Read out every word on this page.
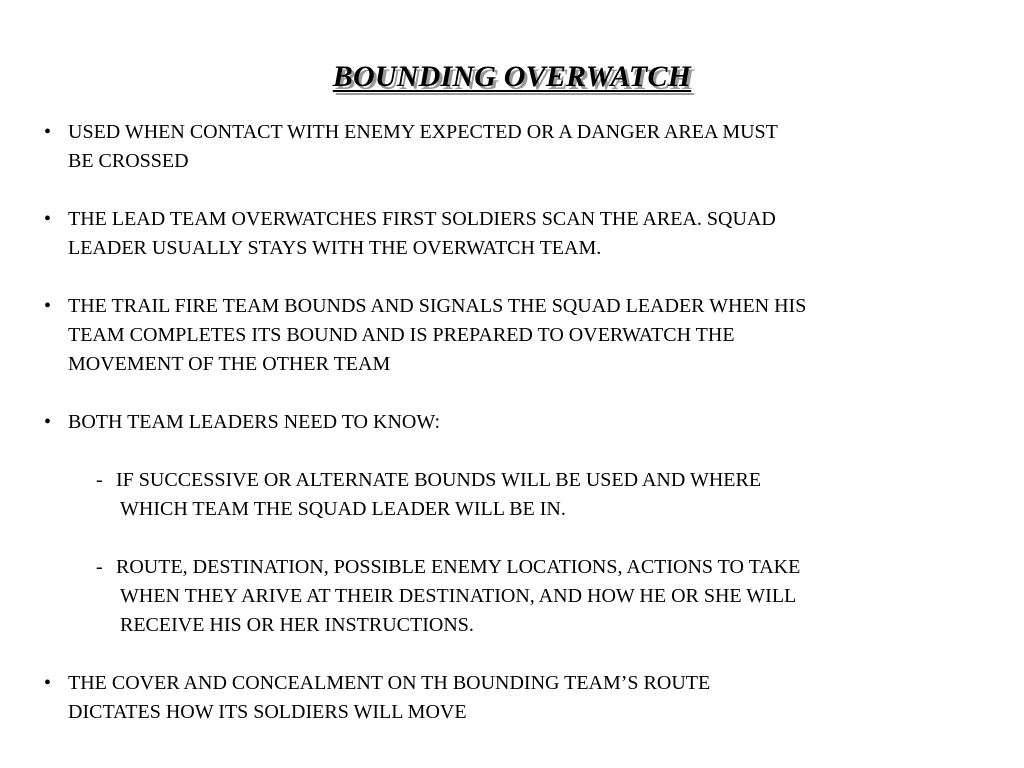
BOUNDING OVERWATCH
• USED WHEN CONTACT WITH ENEMY EXPECTED OR A DANGER AREA MUST
BE CROSSED
• THE LEAD TEAM OVERWATCHES FIRST SOLDIERS SCAN THE AREA. SQUAD
LEADER USUALLY STAYS WITH THE OVERWATCH TEAM.
• THE TRAIL FIRE TEAM BOUNDS AND SIGNALS THE SQUAD LEADER WHEN HIS
TEAM COMPLETES ITS BOUND AND IS PREPARED TO OVERWATCH THE
MOVEMENT OF THE OTHER TEAM
• BOTH TEAM LEADERS NEED TO KNOW:
- IF SUCCESSIVE OR ALTERNATE BOUNDS WILL BE USED AND WHERE
WHICH TEAM THE SQUAD LEADER WILL BE IN.
- ROUTE, DESTINATION, POSSIBLE ENEMY LOCATIONS, ACTIONS TO TAKE
WHEN THEY ARIVE AT THEIR DESTINATION, AND HOW HE OR SHE WILL
RECEIVE HIS OR HER INSTRUCTIONS.
• THE COVER AND CONCEALMENT ON TH BOUNDING TEAM’S ROUTE
DICTATES HOW ITS SOLDIERS WILL MOVE
